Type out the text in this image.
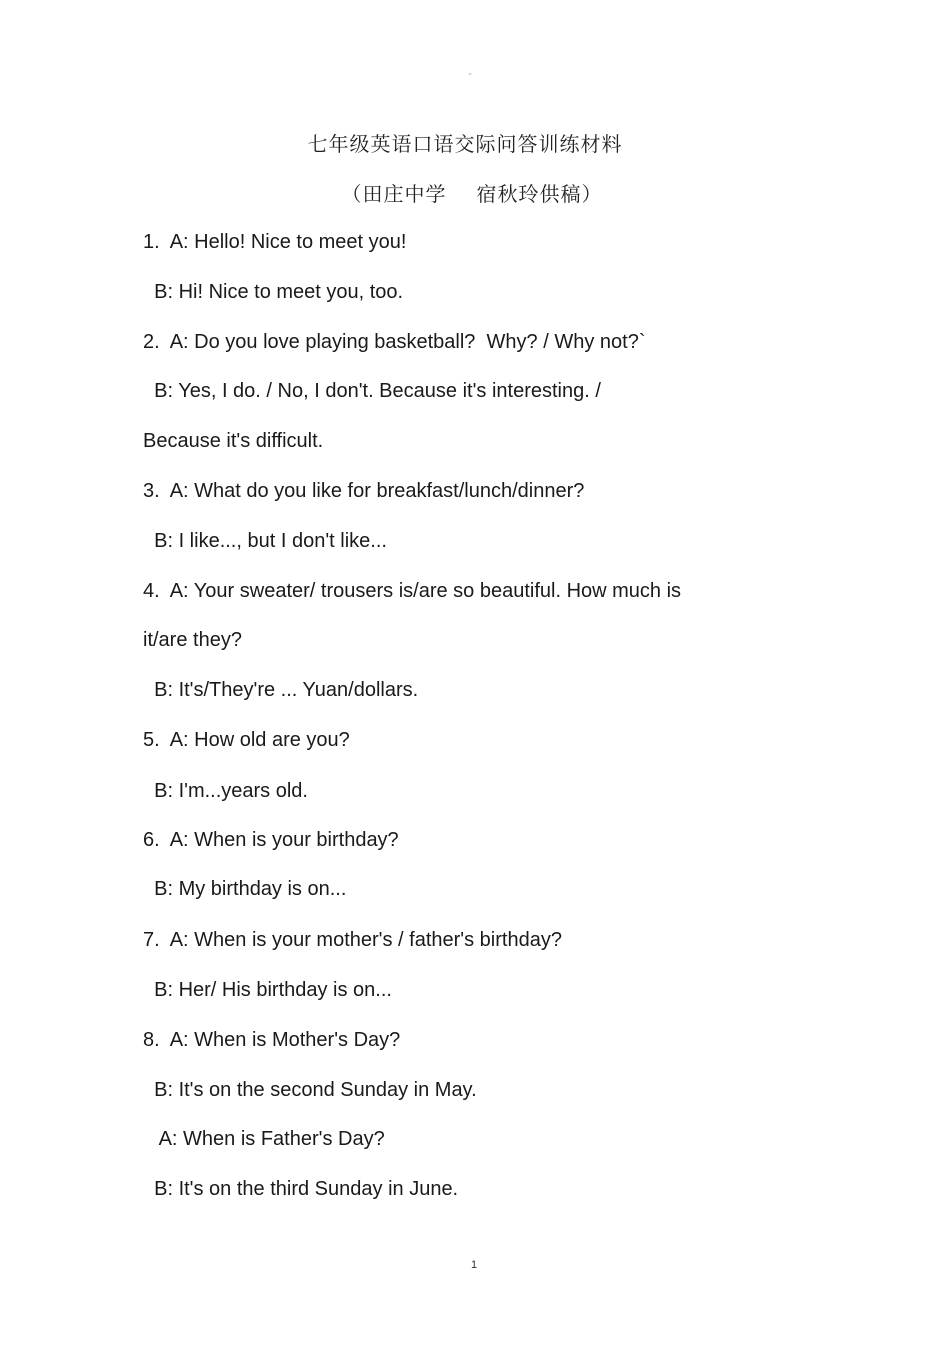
"
七年级英语口语交际问答训练材料
（田庄中学 宿秋玲供稿）
1.  A: Hello! Nice to meet you!
B: Hi! Nice to meet you, too.
2.  A: Do you love playing basketball?  Why? / Why not?`
B: Yes, I do. / No, I don't. Because it's interesting. /
Because it's difficult.
3.  A: What do you like for breakfast/lunch/dinner?
B: I like..., but I don't like...
4.  A: Your sweater/ trousers is/are so beautiful. How much is
it/are they?
B: It's/They're ... Yuan/dollars.
5.  A: How old are you?
B: I'm...years old.
6.  A: When is your birthday?
B: My birthday is on...
7.  A: When is your mother's / father's birthday?
B: Her/ His birthday is on...
8.  A: When is Mother's Day?
B: It's on the second Sunday in May.
A: When is Father's Day?
B: It's on the third Sunday in June.
1
